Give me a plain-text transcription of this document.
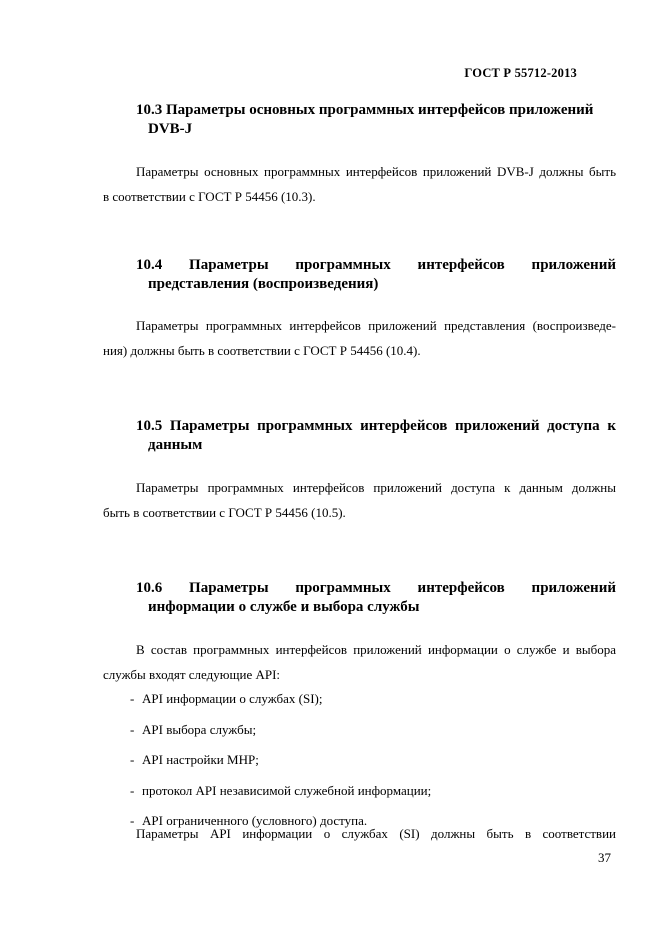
ГОСТ Р 55712-2013
10.3 Параметры основных программных интерфейсов приложений
DVB-J
Параметры основных программных интерфейсов приложений DVB-J должны быть
в соответствии с ГОСТ Р 54456 (10.3).
10.4 Параметры программных интерфейсов приложений
представления (воспроизведения)
Параметры программных интерфейсов приложений представления (воспроизведе-
ния) должны быть в соответствии с ГОСТ Р 54456 (10.4).
10.5 Параметры программных интерфейсов приложений доступа к
данным
Параметры программных интерфейсов приложений доступа к данным должны
быть в соответствии с ГОСТ Р 54456 (10.5).
10.6 Параметры программных интерфейсов приложений
информации о службе и выбора службы
В состав программных интерфейсов приложений информации о службе и выбора
службы входят следующие API:
- API информации о службах (SI);
- API выбора службы;
- API настройки MHP;
- протокол API независимой служебной информации;
- API ограниченного (условного) доступа.
Параметры API информации о службах (SI) должны быть в соответствии
37
